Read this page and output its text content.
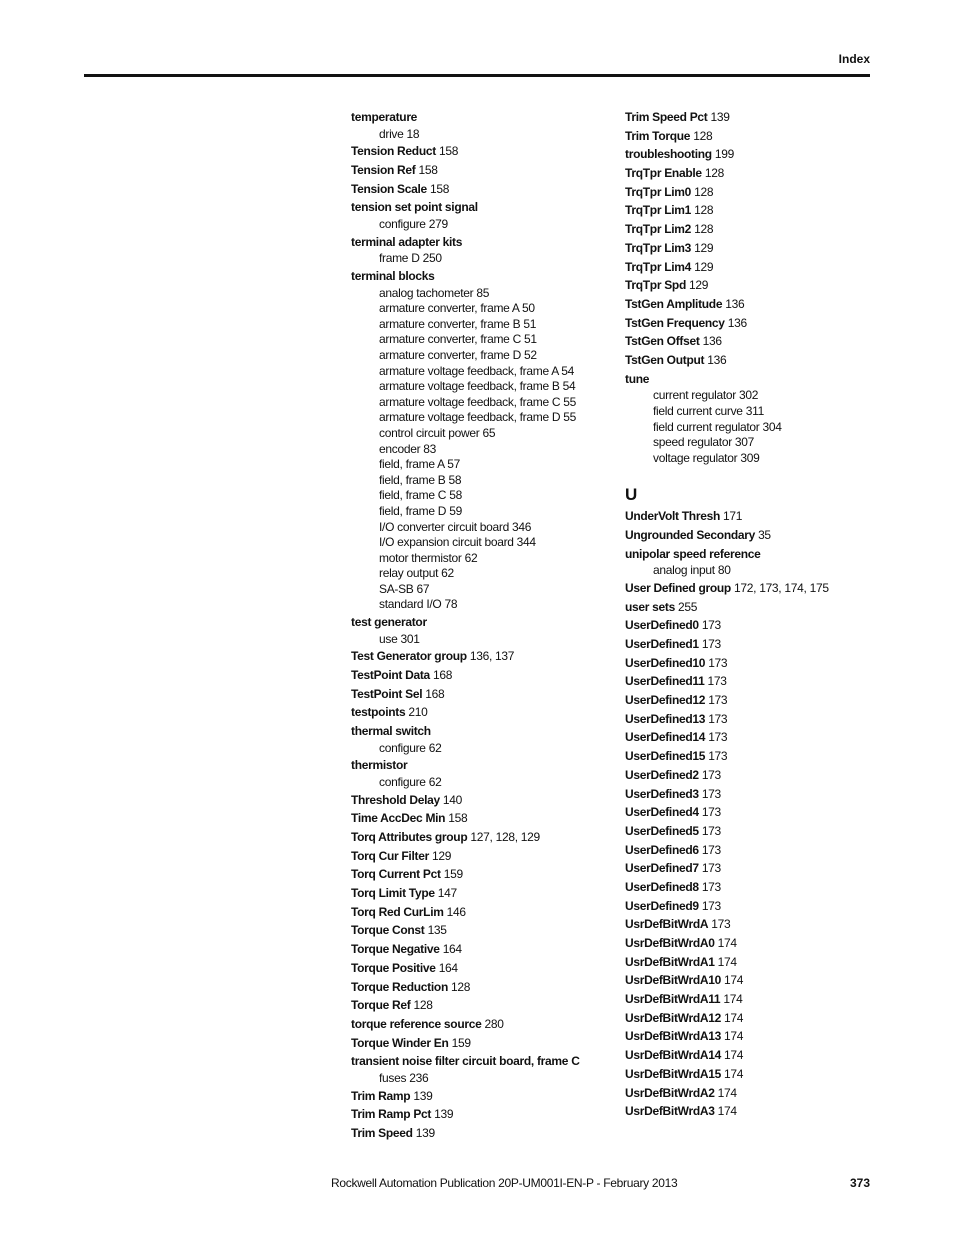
Index
temperature
drive 18
Tension Reduct 158
Tension Ref 158
Tension Scale 158
tension set point signal
configure 279
terminal adapter kits
frame D 250
terminal blocks
analog tachometer 85
armature converter, frame A 50
armature converter, frame B 51
armature converter, frame C 51
armature converter, frame D 52
armature voltage feedback, frame A 54
armature voltage feedback, frame B 54
armature voltage feedback, frame C 55
armature voltage feedback, frame D 55
control circuit power 65
encoder 83
field, frame A 57
field, frame B 58
field, frame C 58
field, frame D 59
I/O converter circuit board 346
I/O expansion circuit board 344
motor thermistor 62
relay output 62
SA-SB 67
standard I/O 78
test generator
use 301
Test Generator group 136, 137
TestPoint Data 168
TestPoint Sel 168
testpoints 210
thermal switch
configure 62
thermistor
configure 62
Threshold Delay 140
Time AccDec Min 158
Torq Attributes group 127, 128, 129
Torq Cur Filter 129
Torq Current Pct 159
Torq Limit Type 147
Torq Red CurLim 146
Torque Const 135
Torque Negative 164
Torque Positive 164
Torque Reduction 128
Torque Ref 128
torque reference source 280
Torque Winder En 159
transient noise filter circuit board, frame C
fuses 236
Trim Ramp 139
Trim Ramp Pct 139
Trim Speed 139
Trim Speed Pct 139
Trim Torque 128
troubleshooting 199
TrqTpr Enable 128
TrqTpr Lim0 128
TrqTpr Lim1 128
TrqTpr Lim2 128
TrqTpr Lim3 129
TrqTpr Lim4 129
TrqTpr Spd 129
TstGen Amplitude 136
TstGen Frequency 136
TstGen Offset 136
TstGen Output 136
tune
current regulator 302
field current curve 311
field current regulator 304
speed regulator 307
voltage regulator 309
U
UnderVolt Thresh 171
Ungrounded Secondary 35
unipolar speed reference
analog input 80
User Defined group 172, 173, 174, 175
user sets 255
UserDefined0 173
UserDefined1 173
UserDefined10 173
UserDefined11 173
UserDefined12 173
UserDefined13 173
UserDefined14 173
UserDefined15 173
UserDefined2 173
UserDefined3 173
UserDefined4 173
UserDefined5 173
UserDefined6 173
UserDefined7 173
UserDefined8 173
UserDefined9 173
UsrDefBitWrdA 173
UsrDefBitWrdA0 174
UsrDefBitWrdA1 174
UsrDefBitWrdA10 174
UsrDefBitWrdA11 174
UsrDefBitWrdA12 174
UsrDefBitWrdA13 174
UsrDefBitWrdA14 174
UsrDefBitWrdA15 174
UsrDefBitWrdA2 174
UsrDefBitWrdA3 174
Rockwell Automation Publication 20P-UM001I-EN-P - February 2013	373
